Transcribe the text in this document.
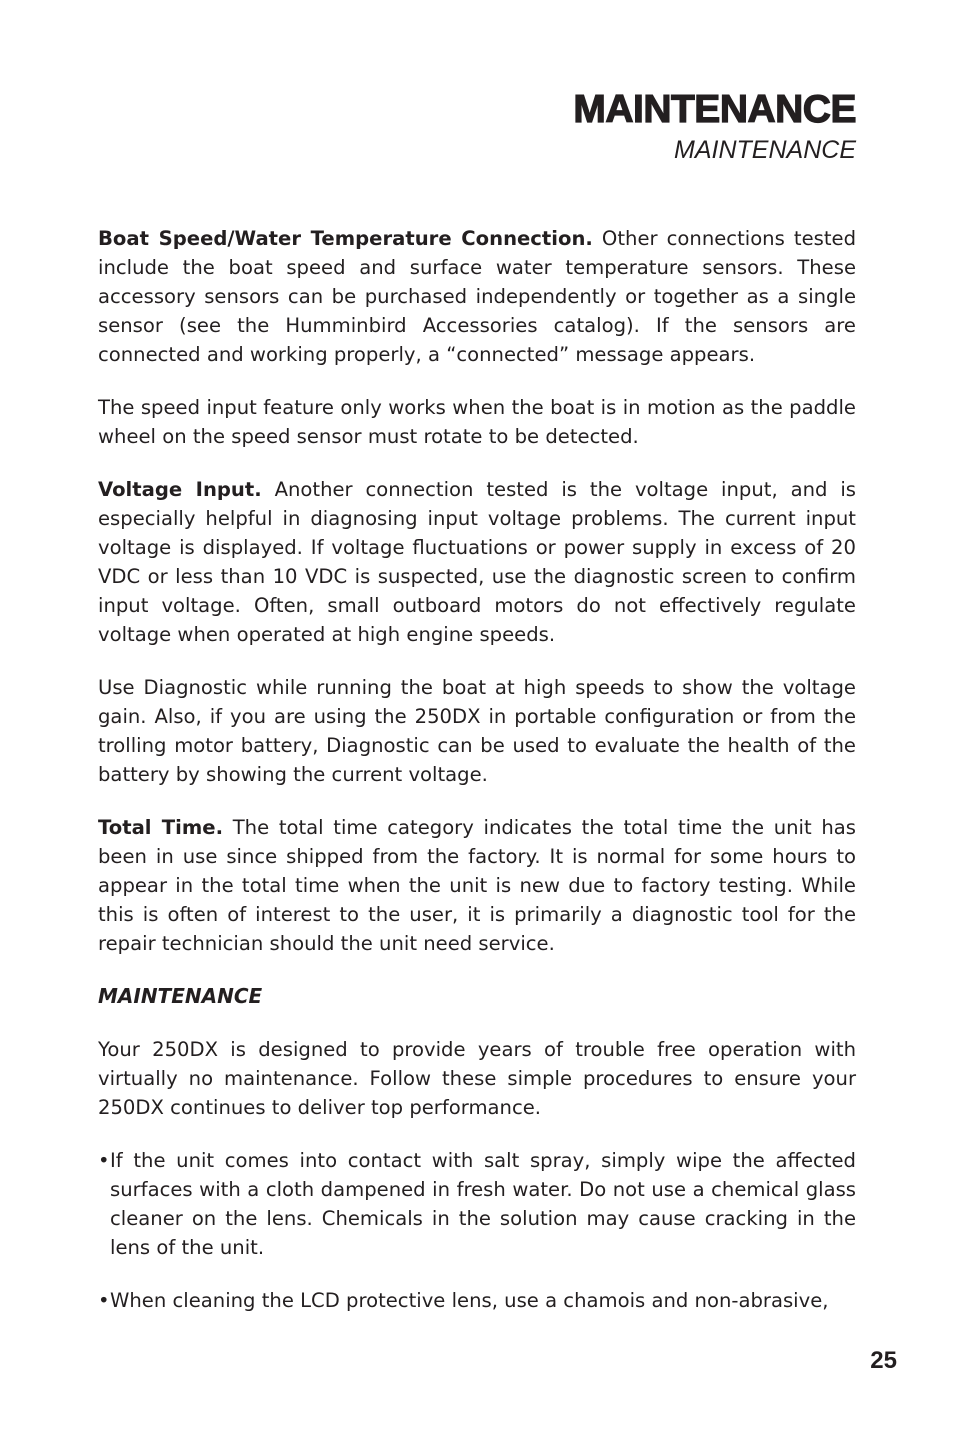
MAINTENANCE
MAINTENANCE

Boat Speed/Water Temperature Connection. Other connections tested include the boat speed and surface water temperature sensors. These accessory sensors can be purchased independently or together as a single sensor (see the Humminbird Accessories catalog). If the sensors are connected and working properly, a “connected” message appears.

The speed input feature only works when the boat is in motion as the paddle wheel on the speed sensor must rotate to be detected.

Voltage Input. Another connection tested is the voltage input, and is especially helpful in diagnosing input voltage problems. The current input voltage is displayed. If voltage fluctuations or power supply in excess of 20 VDC or less than 10 VDC is suspected, use the diagnostic screen to confirm input voltage. Often, small outboard motors do not effectively regulate voltage when operated at high engine speeds.

Use Diagnostic while running the boat at high speeds to show the voltage gain. Also, if you are using the 250DX in portable configuration or from the trolling motor battery, Diagnostic can be used to evaluate the health of the battery by showing the current voltage.

Total Time. The total time category indicates the total time the unit has been in use since shipped from the factory. It is normal for some hours to appear in the total time when the unit is new due to factory testing. While this is often of interest to the user, it is primarily a diagnostic tool for the repair technician should the unit need service.

MAINTENANCE

Your 250DX is designed to provide years of trouble free operation with virtually no maintenance. Follow these simple procedures to ensure your 250DX continues to deliver top performance.

• If the unit comes into contact with salt spray, simply wipe the affected surfaces with a cloth dampened in fresh water. Do not use a chemical glass cleaner on the lens. Chemicals in the solution may cause cracking in the lens of the unit.

• When cleaning the LCD protective lens, use a chamois and non-abrasive,

25
